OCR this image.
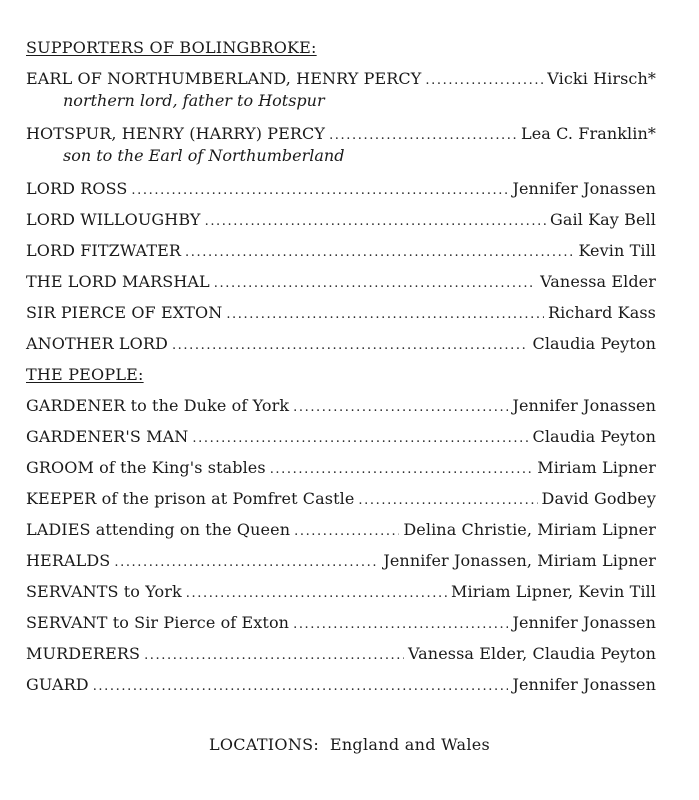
SUPPORTERS OF BOLINGBROKE:
EARL OF NORTHUMBERLAND, HENRY PERCY .....	Vicki Hirsch*
northern lord, father to Hotspur
HOTSPUR, HENRY (HARRY) PERCY .....	Lea C. Franklin*
son to the Earl of Northumberland
LORD ROSS .....	Jennifer Jonassen
LORD WILLOUGHBY .....	Gail Kay Bell
LORD FITZWATER .....	Kevin Till
THE LORD MARSHAL .....	Vanessa Elder
SIR PIERCE OF EXTON .....	Richard Kass
ANOTHER LORD .....	Claudia Peyton
THE PEOPLE:
GARDENER to the Duke of York .....	Jennifer Jonassen
GARDENER'S MAN .....	Claudia Peyton
GROOM of the King's stables .....	Miriam Lipner
KEEPER of the prison at Pomfret Castle .....	David Godbey
LADIES attending on the Queen .....	Delina Christie, Miriam Lipner
HERALDS .....	Jennifer Jonassen, Miriam Lipner
SERVANTS to York .....	Miriam Lipner, Kevin Till
SERVANT to Sir Pierce of Exton .....	Jennifer Jonassen
MURDERERS .....	Vanessa Elder, Claudia Peyton
GUARD .....	Jennifer Jonassen
LOCATIONS:  England and Wales
